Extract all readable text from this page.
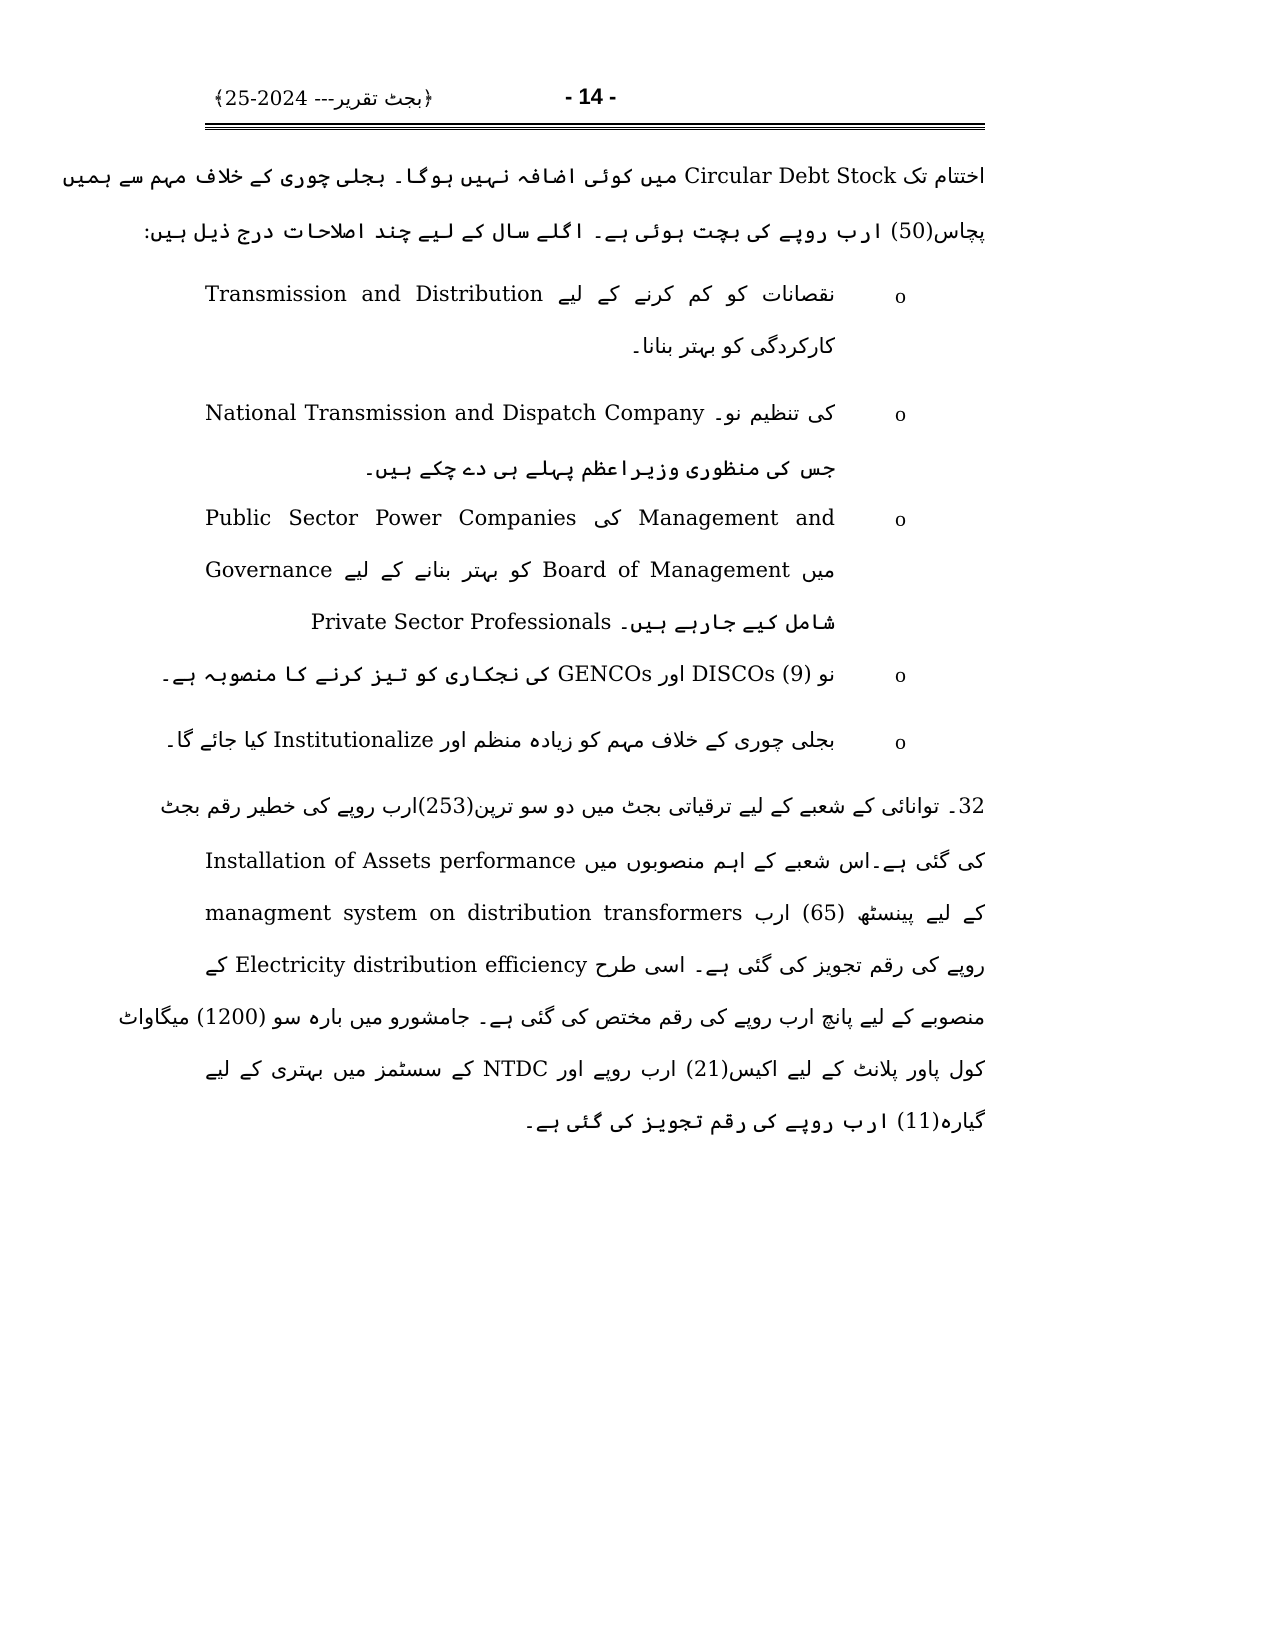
﴿بجٹ تقریر--- 2024-25﴾	- 14 -
اختتام تک Circular Debt Stock میں کوئی اضافہ نہیں ہوگا۔ بجلی چوری کے خلاف مہم سے ہمیں
پچاس(50) ارب روپے کی بچت ہوئی ہے۔ اگلے سال کے لیے چند اصلاحات درج ذیل ہیں:
o
نقصانات کو کم کرنے کے لیے Transmission and Distribution
کارکردگی کو بہتر بنانا۔
o
National Transmission and Dispatch Company کی تنظیم نو۔
جس کی منظوری وزیراعظم پہلے ہی دے چکے ہیں۔
o
Public Sector Power Companies کی Management and
Governance کو بہتر بنانے کے لیے Board of Management میں
Private Sector Professionals شامل کیے جارہے ہیں۔
o
نو (9) DISCOs اور GENCOs کی نجکاری کو تیز کرنے کا منصوبہ ہے۔
o
بجلی چوری کے خلاف مہم کو زیادہ منظم اور Institutionalize کیا جائے گا۔
32۔ توانائی کے شعبے کے لیے ترقیاتی بجٹ میں دو سو ترپن(253)ارب روپے کی خطیر رقم بجٹ
کی گئی ہے۔اس شعبے کے اہم منصوبوں میں Installation of Assets performance
managment system on distribution transformers کے لیے پینسٹھ (65) ارب
روپے کی رقم تجویز کی گئی ہے۔ اسی طرح Electricity distribution efficiency کے
منصوبے کے لیے پانچ ارب روپے کی رقم مختص کی گئی ہے۔ جامشورو میں بارہ سو (1200) میگاواٹ
کول پاور پلانٹ کے لیے اکیس(21) ارب روپے اور NTDC کے سسٹمز میں بہتری کے لیے
گیارہ(11) ارب روپے کی رقم تجویز کی گئی ہے۔
